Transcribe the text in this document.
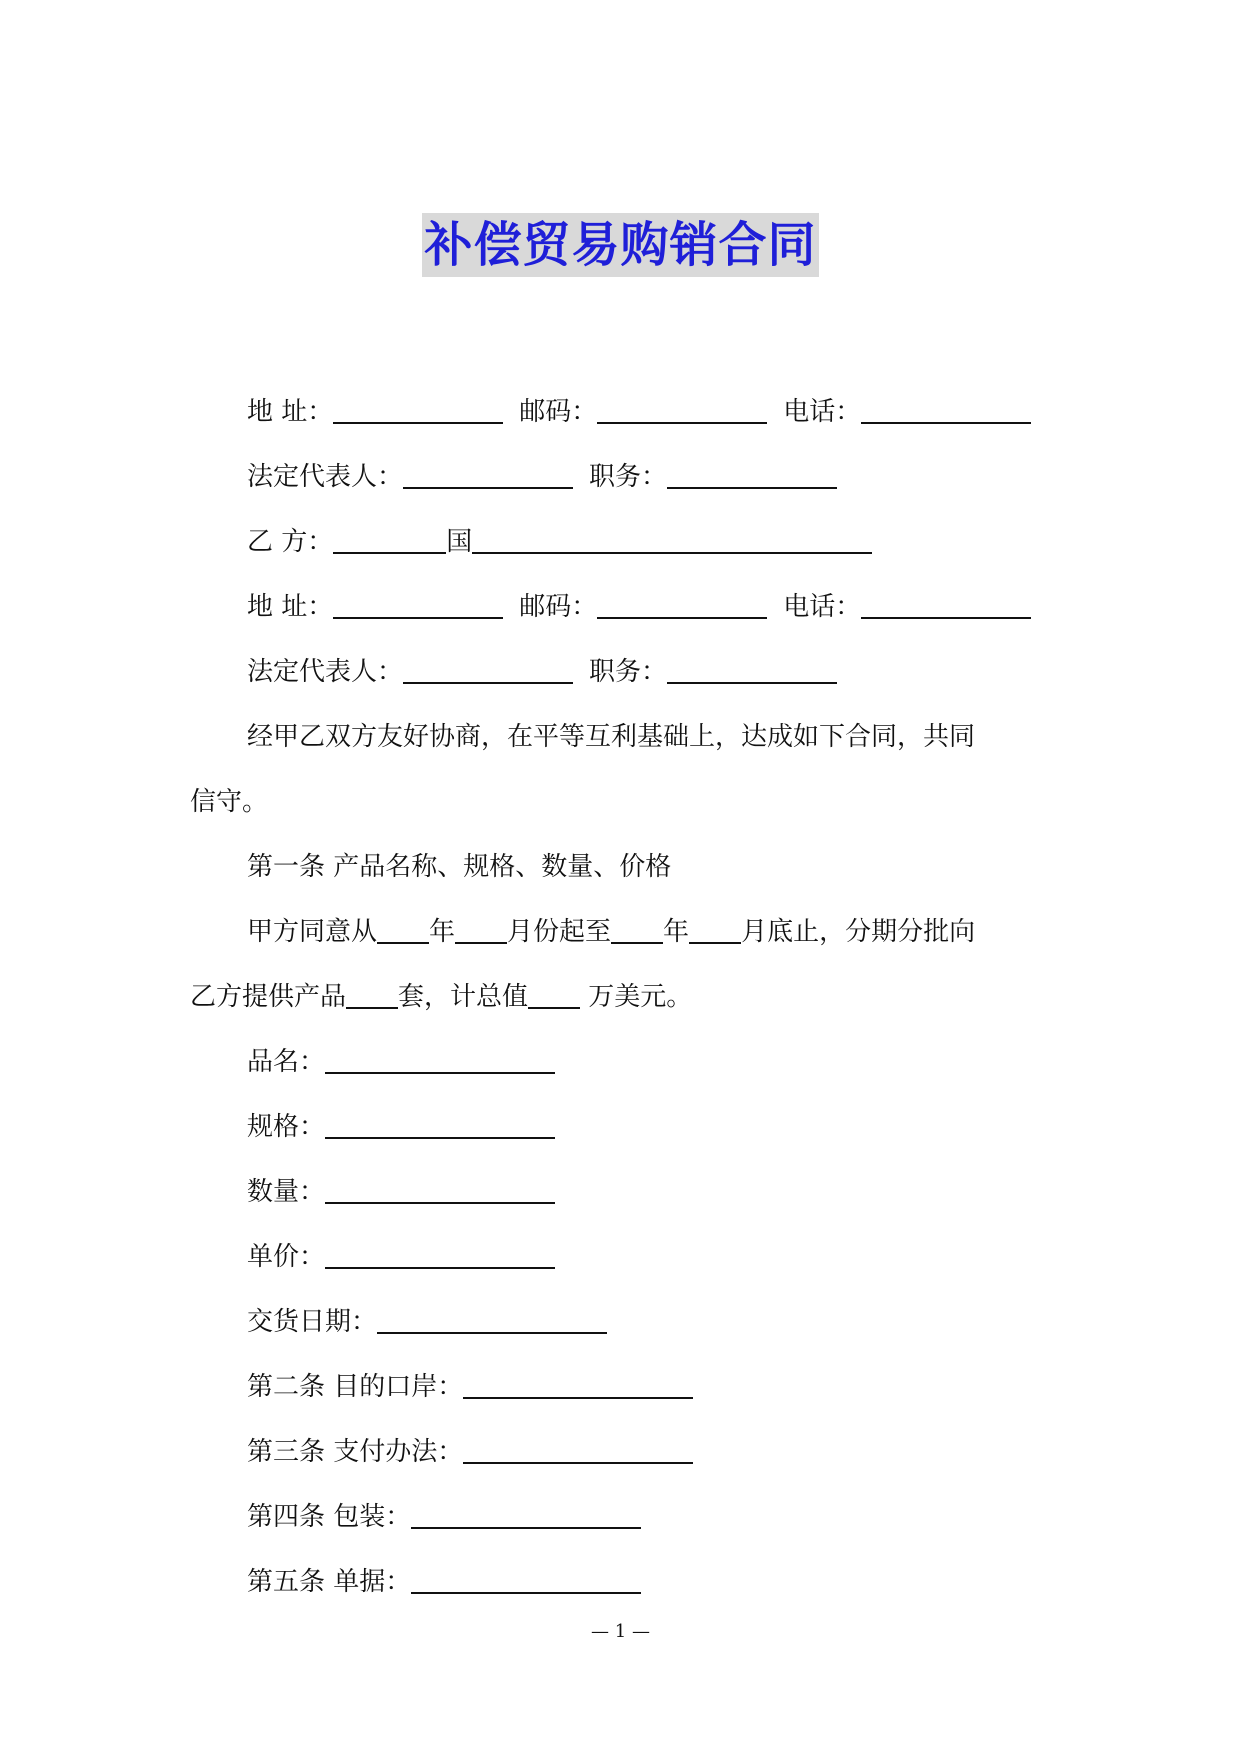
补偿贸易购销合同
地 址：	邮码：	电话：
法定代表人：	职务：
乙 方：	国
地 址：	邮码：	电话：
法定代表人：	职务：
经甲乙双方友好协商，在平等互利基础上，达成如下合同，共同
信守。
第一条 产品名称、规格、数量、价格
甲方同意从 年 月份起至 年 月底止，分期分批向
乙方提供产品 套，计总值 万美元。
品名：
规格：
数量：
单价：
交货日期：
第二条 目的口岸：
第三条 支付办法：
第四条 包装：
第五条 单据：
— 1 —
